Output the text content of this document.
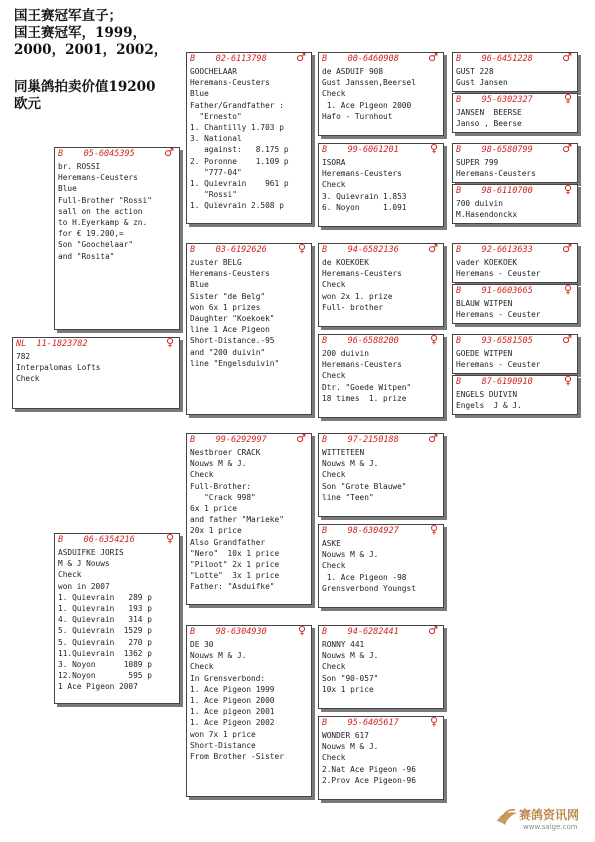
国王赛冠军直子；
国王赛冠军，1999，
2000，2001，2002，
同巢鸽拍卖价值19200
欧元
NL  11-1823782	♀
782
Interpalomas Lofts
Check
B    05-6045395	♂
br. ROSSI
Heremans-Ceusters
Blue
Full-Brother "Rossi"
sall on the action
to H.Eyerkamp & zn.
for € 19.200,=
Son "Goochelaar"
and "Rosita"
B    06-6354216	♀
ASDUIFKE JORIS
M & J Nouws
Check
won in 2007
1. Quievrain   289 p
1. Quievrain   193 p
4. Quievrain   314 p
5. Quievrain  1529 p
5. Quievrain   270 p
11.Quievrain  1362 p
3. Noyon      1089 p
12.Noyon       595 p
1 Ace Pigeon 2007
B    02-6113798	♂
GOOCHELAAR
Heremans-Ceusters
Blue
Father/Grandfather :
"Ernesto"
1. Chantilly 1.703 p
3. National
against:   8.175 p
2. Poronne    1.109 p
"777-04"
1. Quievrain    961 p
"Rossi"
1. Quievrain 2.508 p
B    03-6192626	♀
zuster BELG
Heremans-Ceusters
Blue
Sister "de Belg"
won 6x 1 prizes
Daughter "Koekoek"
line 1 Ace Pigeon
Short-Distance.-95
and "200 duivin"
line "Engelsduivin"
B    99-6292997	♂
Nestbroer CRACK
Nouws M & J.
Check
Full-Brother:
"Crack 998"
6x 1 price
and father "Marieke"
20x 1 price
Also Grandfather
"Nero"  10x 1 price
"Piloot" 2x 1 price
"Lotte"  3x 1 price
Father: "Asduifke"
B    98-6304930	♀
DE 30
Nouws M & J.
Check
In Grensverbond:
1. Ace Pigeon 1999
1. Ace Pigeon 2000
1. Ace pigeon 2001
1. Ace Pigeon 2002
won 7x 1 price
Short-Distance
From Brother -Sister
B    00-6460908	♂
de ASDUIF 908
Gust Janssen,Beersel
Check
1. Ace Pigeon 2000
Hafo - Turnhout
B    99-6061201	♀
ISORA
Heremans-Ceusters
Check
3. Quievrain 1.853
6. Noyon     1.091
B    94-6582136	♂
de KOEKOEK
Heremans-Ceusters
Check
won 2x 1. prize
Full- brother
B    96-6588200	♀
200 duivin
Heremans-Ceusters
Check
Dtr. "Goede Witpen"
18 times  1. prize
B    97-2150188	♂
WITTETEEN
Nouws M & J.
Check
Son "Grote Blauwe"
line "Teen"
B    98-6304927	♀
ASKE
Nouws M & J.
Check
1. Ace Pigeon -98
Grensverbond Youngst
B    94-6282441	♂
RONNY 441
Nouws M & J.
Check
Son "90-057"
10x 1 price
B    95-6405617	♀
WONDER 617
Nouws M & J.
Check
2.Nat Ace Pigeon -96
2.Prov Ace Pigeon-96
B    96-6451228	♂
GUST 228
Gust Jansen
B    95-6302327	♀
JANSEN  BEERSE
Janso , Beerse
B    98-6580799	♂
SUPER 799
Heremans-Ceusters
B    98-6110700	♀
700 duivin
M.Hasendonckx
B    92-6613633	♂
vader KOEKOEK
Heremans - Ceuster
B    91-6603665	♀
BLAUW WITPEN
Heremans - Ceuster
B    93-6581505	♂
GOEDE WITPEN
Heremans - Ceuster
B    87-6190910	♀
ENGELS DUIVIN
Engels  J & J.
赛鸽资讯网
www.saige.com
